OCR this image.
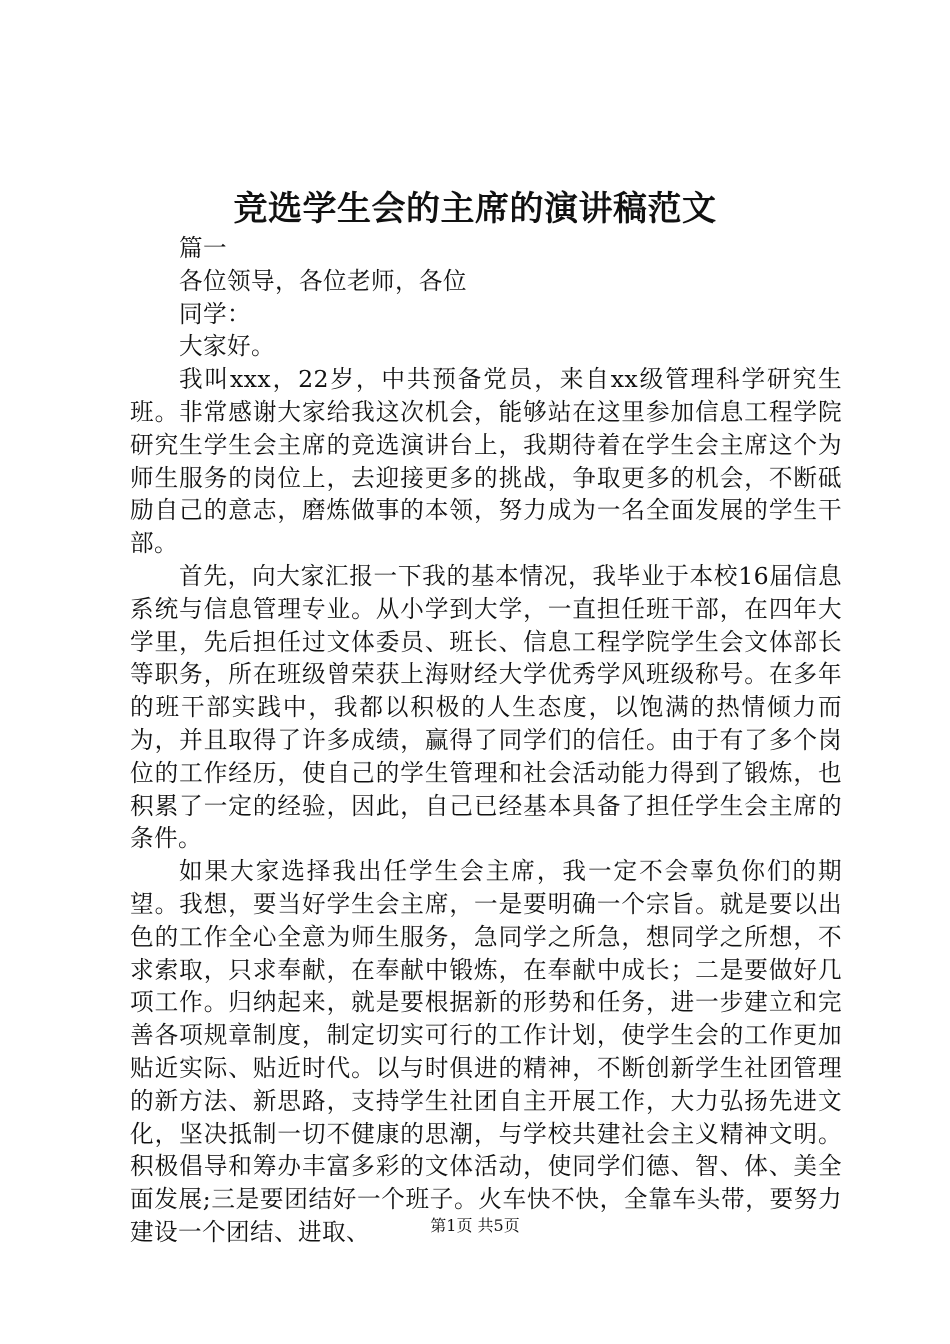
竞选学生会的主席的演讲稿范文
篇一
各位领导，各位老师，各位
同学：
大家好。

我叫xxx，22岁，中共预备党员，来自xx级管理科学研究生班。非常感谢大家给我这次机会，能够站在这里参加信息工程学院研究生学生会主席的竞选演讲台上，我期待着在学生会主席这个为师生服务的岗位上，去迎接更多的挑战，争取更多的机会，不断砥励自己的意志，磨炼做事的本领，努力成为一名全面发展的学生干部。

首先，向大家汇报一下我的基本情况，我毕业于本校16届信息系统与信息管理专业。从小学到大学，一直担任班干部，在四年大学里，先后担任过文体委员、班长、信息工程学院学生会文体部长等职务，所在班级曾荣获上海财经大学优秀学风班级称号。在多年的班干部实践中，我都以积极的人生态度，以饱满的热情倾力而为，并且取得了许多成绩，赢得了同学们的信任。由于有了多个岗位的工作经历，使自己的学生管理和社会活动能力得到了锻炼，也积累了一定的经验，因此，自己已经基本具备了担任学生会主席的条件。

如果大家选择我出任学生会主席，我一定不会辜负你们的期望。我想，要当好学生会主席，一是要明确一个宗旨。就是要以出色的工作全心全意为师生服务，急同学之所急，想同学之所想，不求索取，只求奉献，在奉献中锻炼，在奉献中成长；二是要做好几项工作。归纳起来，就是要根据新的形势和任务，进一步建立和完善各项规章制度，制定切实可行的工作计划，使学生会的工作更加贴近实际、贴近时代。以与时俱进的精神，不断创新学生社团管理的新方法、新思路，支持学生社团自主开展工作，大力弘扬先进文化，坚决抵制一切不健康的思潮，与学校共建社会主义精神文明。积极倡导和筹办丰富多彩的文体活动，使同学们德、智、体、美全面发展;三是要团结好一个班子。火车快不快，全靠车头带，要努力建设一个团结、进取、	第1页 共5页
